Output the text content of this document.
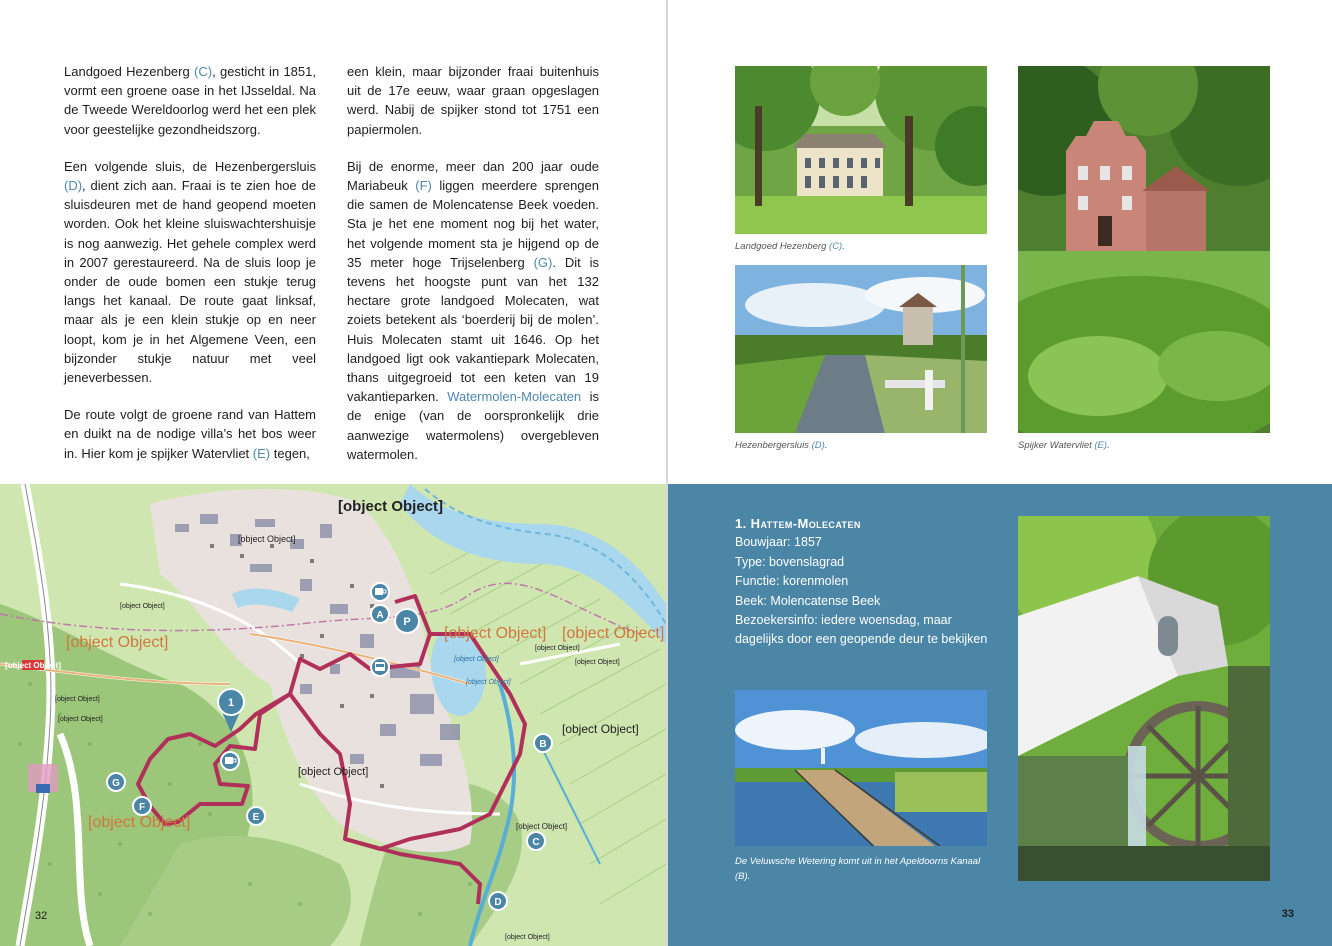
Landgoed Hezenberg (C), gesticht in 1851, vormt een groene oase in het IJsseldal. Na de Tweede Wereldoorlog werd het een plek voor geestelijke gezondheidszorg.

Een volgende sluis, de Hezenbergersluis (D), dient zich aan. Fraai is te zien hoe de sluisdeuren met de hand geopend moeten worden. Ook het kleine sluiswachtershuisje is nog aanwezig. Het gehele complex werd in 2007 gerestaureerd. Na de sluis loop je onder de oude bomen een stukje terug langs het kanaal. De route gaat linksaf, maar als je een klein stukje op en neer loopt, kom je in het Algemene Veen, een bijzonder stukje natuur met veel jeneverbessen.

De route volgt de groene rand van Hattem en duikt na de nodige villa’s het bos weer in. Hier kom je spijker Watervliet (E) tegen,

een klein, maar bijzonder fraai buitenhuis uit de 17e eeuw, waar graan opgeslagen werd. Nabij de spijker stond tot 1751 een papiermolen.

Bij de enorme, meer dan 200 jaar oude Mariabeuk (F) liggen meerdere sprengen die samen de Molencatense Beek voeden. Sta je het ene moment nog bij het water, het volgende moment sta je hijgend op de 35 meter hoge Trijselenberg (G). Dit is tevens het hoogste punt van het 132 hectare grote landgoed Molecaten, wat zoiets betekent als ‘boerderij bij de molen’. Huis Molecaten stamt uit 1646. Op het landgoed ligt ook vakantiepark Molecaten, thans uitgegroeid tot een keten van 19 vakantieparken. Watermolen-Molecaten is de enige (van de oorspronkelijk drie aanwezige watermolens) overgebleven watermolen.

A
B
C
D
E
F
G
1
P
[object Object]
[object Object]
[object Object] [object Object]
[object Object]
[object Object]
[object Object]
[object Object]
[object Object]
[object Object]
[object Object]
[object Object]
[object Object]
[object Object]
[object Object]
[object Object]
[object Object]
[object Object]
32
Landgoed Hezenberg (C).
Hezenbergersluis (D).	Spijker Watervliet (E).
1. Hattem-Molecaten
Bouwjaar: 1857
Type: bovenslagrad
Functie: korenmolen
Beek: Molencatense Beek
Bezoekersinfo: iedere woensdag, maar dagelijks door een geopende deur te bekijken
De Veluwsche Wetering komt uit in het Apeldoorns Kanaal (B).
33
